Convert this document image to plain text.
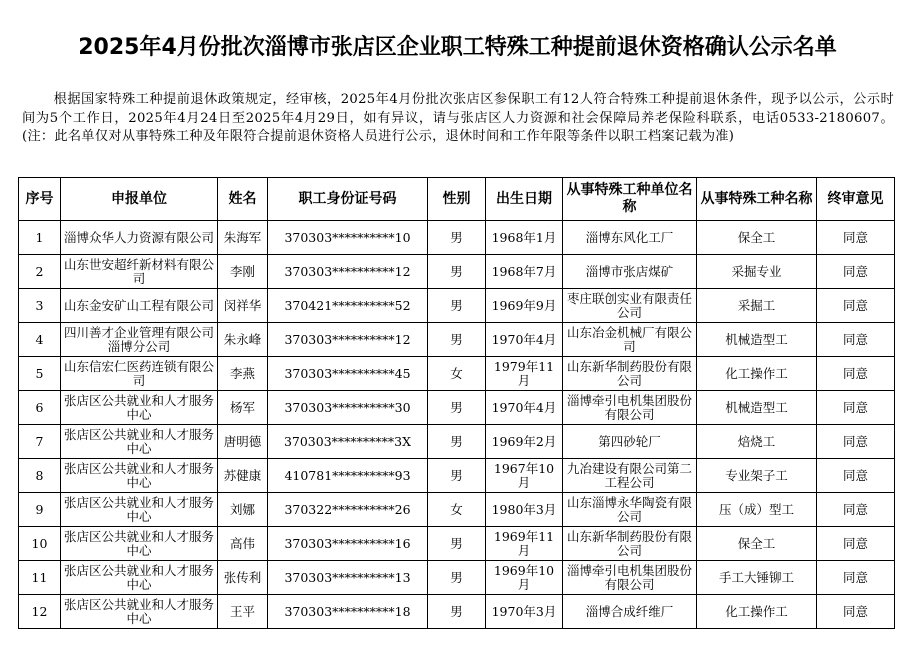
2025年4月份批次淄博市张店区企业职工特殊工种提前退休资格确认公示名单
根据国家特殊工种提前退休政策规定，经审核，2025年4月份批次张店区参保职工有12人符合特殊工种提前退休条件，现予以公示，公示时间为5个工作日，2025年4月24日至2025年4月29日，如有异议，请与张店区人力资源和社会保障局养老保险科联系，电话0533-2180607。(注：此名单仅对从事特殊工种及年限符合提前退休资格人员进行公示，退休时间和工作年限等条件以职工档案记载为准)
序号	申报单位	姓名	职工身份证号码	性别	出生日期	从事特殊工种单位名称	从事特殊工种名称	终审意见
1	淄博众华人力资源有限公司	朱海军	370303**********10	男	1968年1月	淄博东风化工厂	保全工	同意
2	山东世安超纤新材料有限公司	李刚	370303**********12	男	1968年7月	淄博市张店煤矿	采掘专业	同意
3	山东金安矿山工程有限公司	闵祥华	370421**********52	男	1969年9月	枣庄联创实业有限责任公司	采掘工	同意
4	四川善才企业管理有限公司淄博分公司	朱永峰	370303**********12	男	1970年4月	山东冶金机械厂有限公司	机械造型工	同意
5	山东信宏仁医药连锁有限公司	李燕	370303**********45	女	1979年11月	山东新华制药股份有限公司	化工操作工	同意
6	张店区公共就业和人才服务中心	杨军	370303**********30	男	1970年4月	淄博牵引电机集团股份有限公司	机械造型工	同意
7	张店区公共就业和人才服务中心	唐明德	370303**********3X	男	1969年2月	第四砂轮厂	焙烧工	同意
8	张店区公共就业和人才服务中心	苏健康	410781**********93	男	1967年10月	九冶建设有限公司第二工程公司	专业架子工	同意
9	张店区公共就业和人才服务中心	刘娜	370322**********26	女	1980年3月	山东淄博永华陶瓷有限公司	压（成）型工	同意
10	张店区公共就业和人才服务中心	高伟	370303**********16	男	1969年11月	山东新华制药股份有限公司	保全工	同意
11	张店区公共就业和人才服务中心	张传利	370303**********13	男	1969年10月	淄博牵引电机集团股份有限公司	手工大锤铆工	同意
12	张店区公共就业和人才服务中心	王平	370303**********18	男	1970年3月	淄博合成纤维厂	化工操作工	同意
